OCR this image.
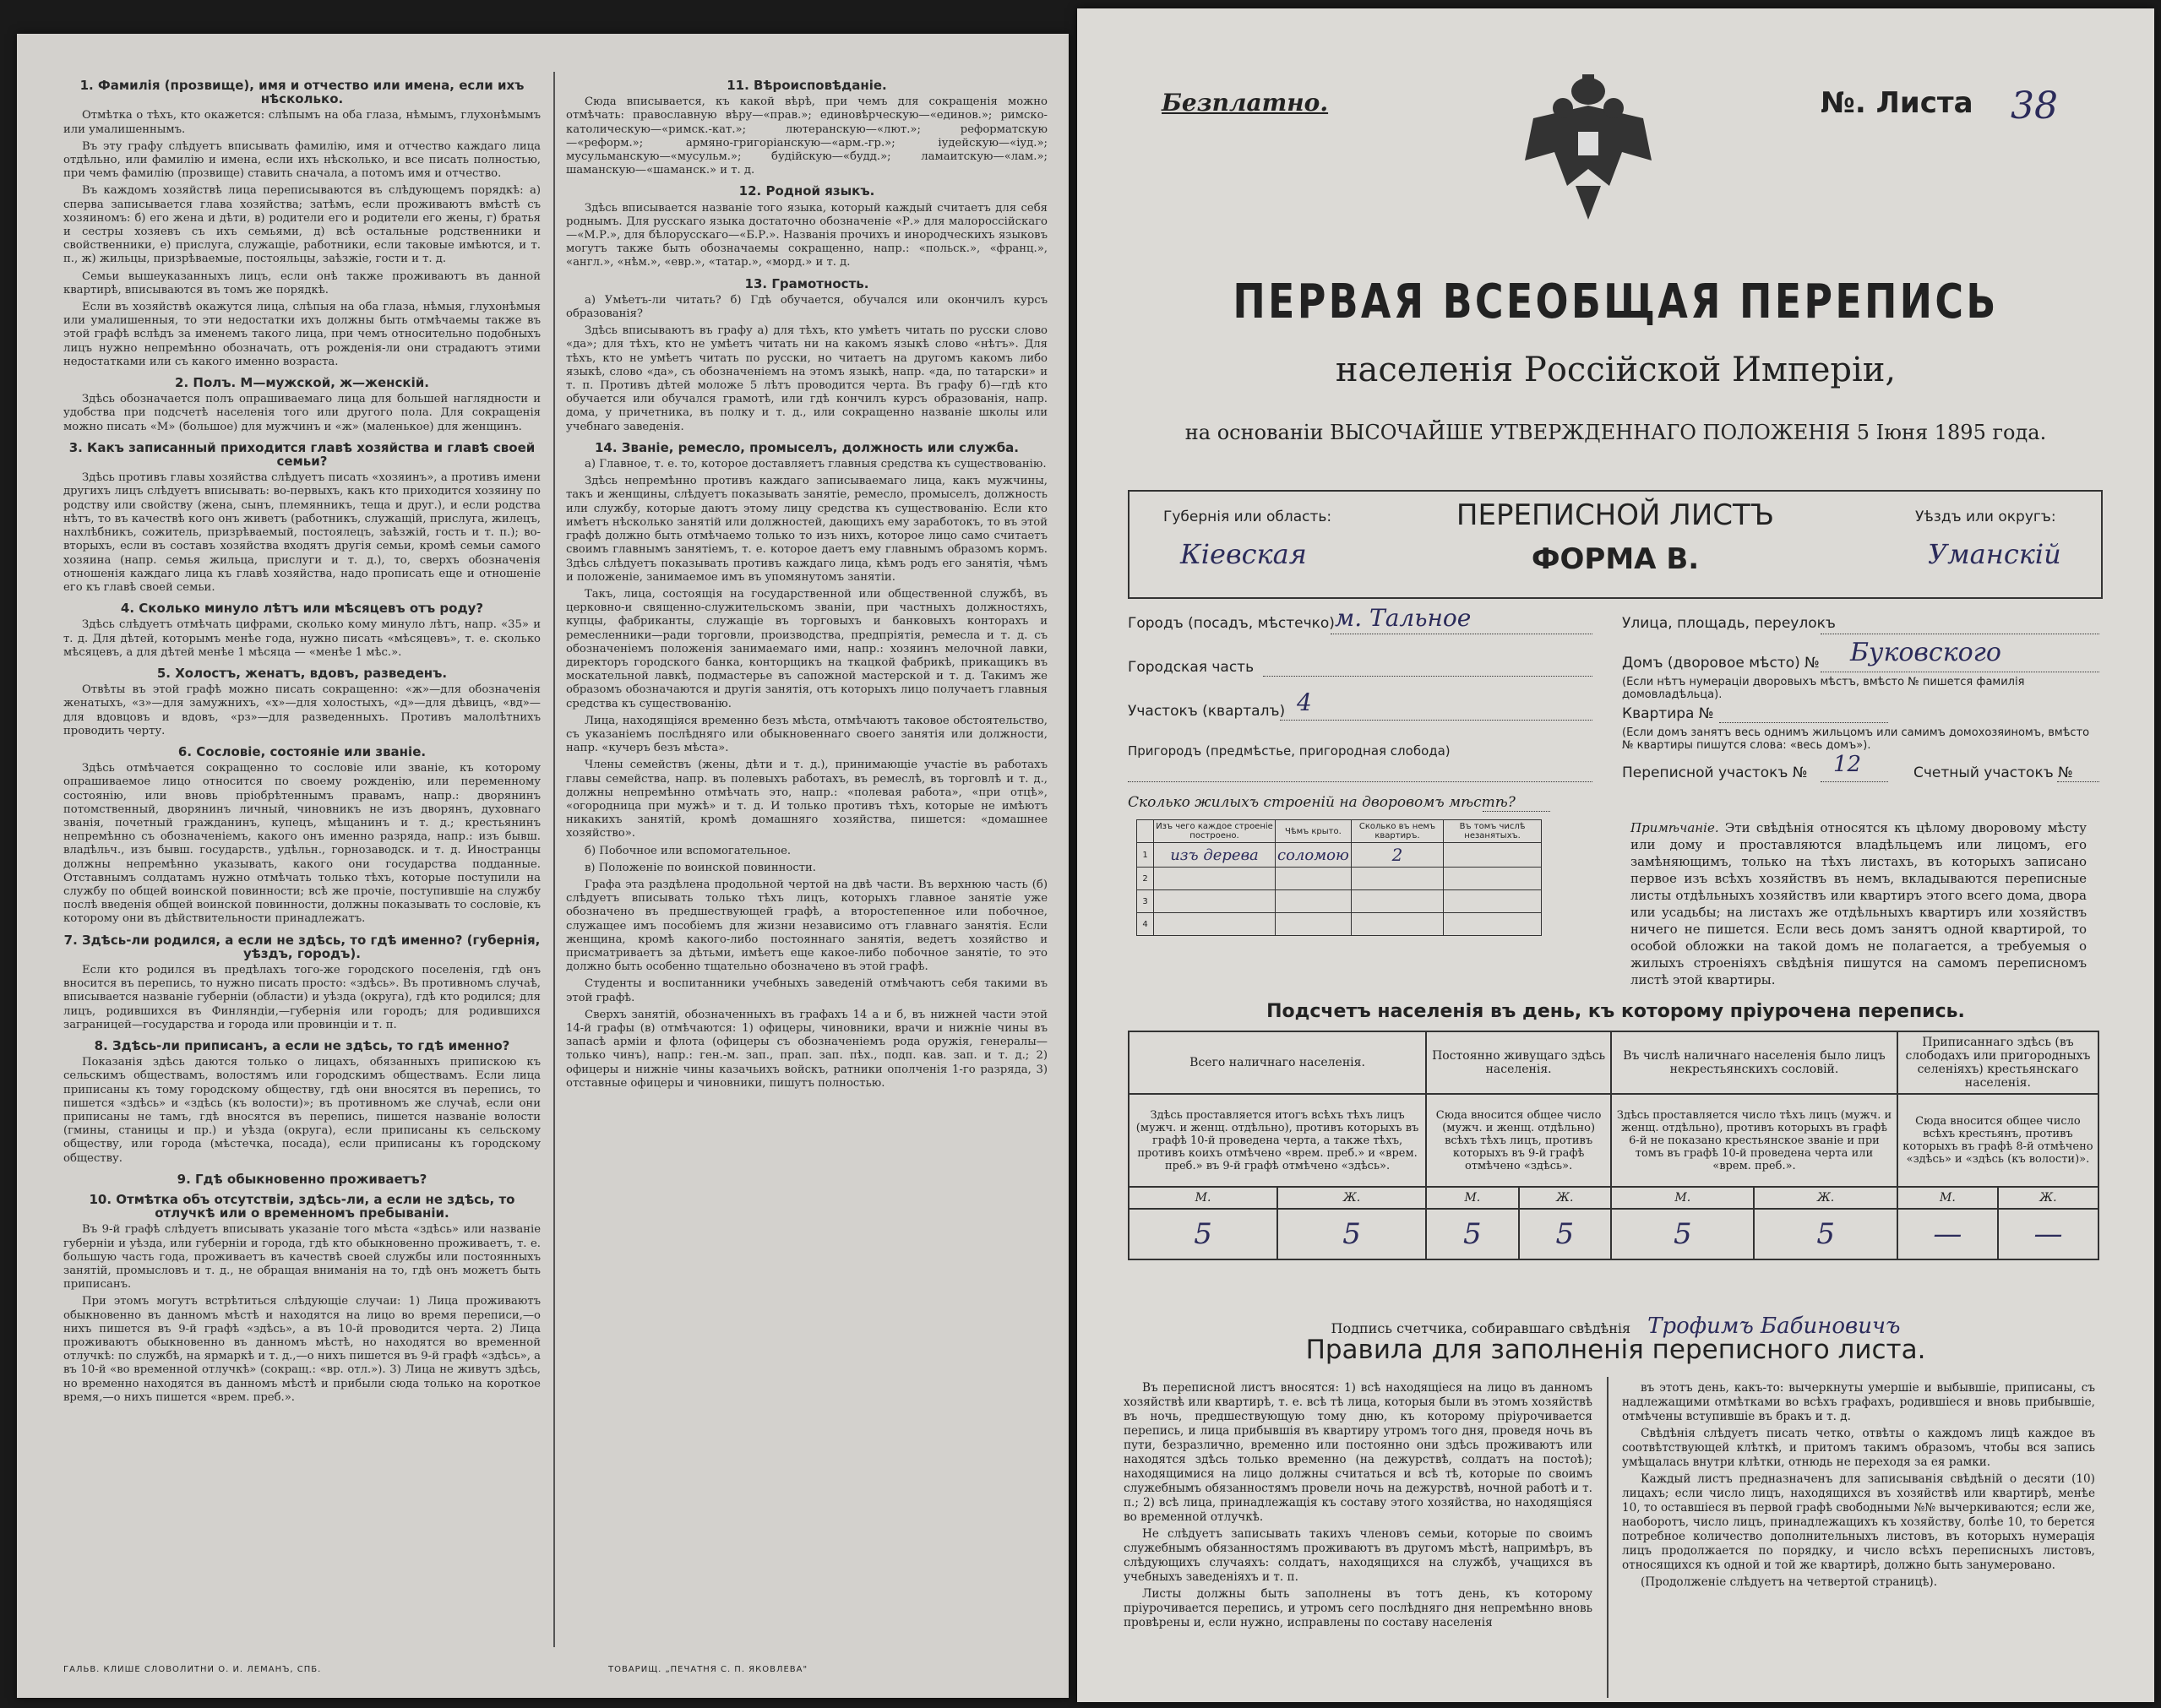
1. Фамилія (прозвище), имя и отчество или имена, если ихъ нѣсколько.

Отмѣтка о тѣхъ, кто окажется: слѣпымъ на оба глаза, нѣмымъ, глухонѣмымъ или умалишеннымъ.

Въ эту графу слѣдуетъ вписывать фамилію, имя и отчество каждаго лица отдѣльно, или фамилію и имена, если ихъ нѣсколько, и все писать полностью, при чемъ фамилію (прозвище) ставить сначала, а потомъ имя и отчество.

Въ каждомъ хозяйствѣ лица переписываются въ слѣдующемъ порядкѣ: а) сперва записывается глава хозяйства; затѣмъ, если проживаютъ вмѣстѣ съ хозяиномъ: б) его жена и дѣти, в) родители его и родители его жены, г) братья и сестры хозяевъ съ ихъ семьями, д) всѣ остальные родственники и свойственники, е) прислуга, служащіе, работники, если таковые имѣются, и т. п., ж) жильцы, призрѣваемые, постояльцы, заѣзжіе, гости и т. д.

Семьи вышеуказанныхъ лицъ, если онѣ также проживаютъ въ данной квартирѣ, вписываются въ томъ же порядкѣ.

Если въ хозяйствѣ окажутся лица, слѣпыя на оба глаза, нѣмыя, глухонѣмыя или умалишенныя, то эти недостатки ихъ должны быть отмѣчаемы также въ этой графѣ вслѣдъ за именемъ такого лица, при чемъ относительно подобныхъ лицъ нужно непремѣнно обозначать, отъ рожденія-ли они страдаютъ этими недостатками или съ какого именно возраста.

2. Полъ. М—мужской, ж—женскій.

Здѣсь обозначается полъ опрашиваемаго лица для большей наглядности и удобства при подсчетѣ населенія того или другого пола. Для сокращенія можно писать «М» (большое) для мужчинъ и «ж» (маленькое) для женщинъ.

3. Какъ записанный приходится главѣ хозяйства и главѣ своей семьи?

Здѣсь противъ главы хозяйства слѣдуетъ писать «хозяинъ», а противъ имени другихъ лицъ слѣдуетъ вписывать: во-первыхъ, какъ кто приходится хозяину по родству или свойству (жена, сынъ, племянникъ, теща и друг.), и если родства нѣтъ, то въ качествѣ кого онъ живетъ (работникъ, служащій, прислуга, жилецъ, нахлѣбникъ, сожитель, призрѣваемый, постоялецъ, заѣзжій, гость и т. п.); во-вторыхъ, если въ составъ хозяйства входятъ другія семьи, кромѣ семьи самого хозяина (напр. семья жильца, прислуги и т. д.), то, сверхъ обозначенія отношенія каждаго лица къ главѣ хозяйства, надо прописать еще и отношеніе его къ главѣ своей семьи.

4. Сколько минуло лѣтъ или мѣсяцевъ отъ роду?

Здѣсь слѣдуетъ отмѣчать цифрами, сколько кому минуло лѣтъ, напр. «35» и т. д. Для дѣтей, которымъ менѣе года, нужно писать «мѣсяцевъ», т. е. сколько мѣсяцевъ, а для дѣтей менѣе 1 мѣсяца — «менѣе 1 мѣс.».

5. Холостъ, женатъ, вдовъ, разведенъ.

Отвѣты въ этой графѣ можно писать сокращенно: «ж»—для обозначенія женатыхъ, «з»—для замужнихъ, «х»—для холостыхъ, «д»—для дѣвицъ, «вд»—для вдовцовъ и вдовъ, «рз»—для разведенныхъ. Противъ малолѣтнихъ проводить черту.

6. Сословіе, состояніе или званіе.

Здѣсь отмѣчается сокращенно то сословіе или званіе, къ которому опрашиваемое лицо относится по своему рожденію, или переменному состоянію, или вновь пріобрѣтеннымъ правамъ, напр.: дворянинъ потомственный, дворянинъ личный, чиновникъ не изъ дворянъ, духовнаго званія, почетный гражданинъ, купецъ, мѣщанинъ и т. д.; крестьянинъ непремѣнно съ обозначеніемъ, какого онъ именно разряда, напр.: изъ бывш. владѣльч., изъ бывш. государств., удѣльн., горнозаводск. и т. д. Иностранцы должны непремѣнно указывать, какого они государства подданные. Отставнымъ солдатамъ нужно отмѣчать только тѣхъ, которые поступили на службу по общей воинской повинности; всѣ же прочіе, поступившіе на службу послѣ введенія общей воинской повинности, должны показывать то сословіе, къ которому они въ дѣйствительности принадлежатъ.

7. Здѣсь-ли родился, а если не здѣсь, то гдѣ именно? (губернія, уѣздъ, городъ).

Если кто родился въ предѣлахъ того-же городского поселенія, гдѣ онъ вносится въ перепись, то нужно писать просто: «здѣсь». Въ противномъ случаѣ, вписывается названіе губерніи (области) и уѣзда (округа), гдѣ кто родился; для лицъ, родившихся въ Финляндіи,—губернія или городъ; для родившихся заграницей—государства и города или провинціи и т. п.

8. Здѣсь-ли приписанъ, а если не здѣсь, то гдѣ именно?

Показанія здѣсь даются только о лицахъ, обязанныхъ припискою къ сельскимъ обществамъ, волостямъ или городскимъ обществамъ. Если лица приписаны къ тому городскому обществу, гдѣ они вносятся въ перепись, то пишется «здѣсь» и «здѣсь (къ волости)»; въ противномъ же случаѣ, если они приписаны не тамъ, гдѣ вносятся въ перепись, пишется названіе волости (гмины, станицы и пр.) и уѣзда (округа), если приписаны къ сельскому обществу, или города (мѣстечка, посада), если приписаны къ городскому обществу.

9. Гдѣ обыкновенно проживаетъ?
10. Отмѣтка объ отсутствіи, здѣсь-ли, а если не здѣсь, то отлучкѣ или о временномъ пребываніи.

Въ 9-й графѣ слѣдуетъ вписывать указаніе того мѣста «здѣсь» или названіе губерніи и уѣзда, или губерніи и города, гдѣ кто обыкновенно проживаетъ, т. е. большую часть года, проживаетъ въ качествѣ своей службы или постоянныхъ занятій, промысловъ и т. д., не обращая вниманія на то, гдѣ онъ можетъ быть приписанъ.

При этомъ могутъ встрѣтиться слѣдующіе случаи: 1) Лица проживаютъ обыкновенно въ данномъ мѣстѣ и находятся на лицо во время переписи,—о нихъ пишется въ 9-й графѣ «здѣсь», а въ 10-й проводится черта. 2) Лица проживаютъ обыкновенно въ данномъ мѣстѣ, но находятся во временной отлучкѣ: по службѣ, на ярмаркѣ и т. д.,—о нихъ пишется въ 9-й графѣ «здѣсь», а въ 10-й «во временной отлучкѣ» (сокращ.: «вр. отл.»). 3) Лица не живутъ здѣсь, но временно находятся въ данномъ мѣстѣ и прибыли сюда только на короткое время,—о нихъ пишется «врем. преб.».

11. Вѣроисповѣданіе.

Сюда вписывается, къ какой вѣрѣ, при чемъ для сокращенія можно отмѣчать: православную вѣру—«прав.»; единовѣрческую—«единов.»; римско-католическую—«римск.-кат.»; лютеранскую—«лют.»; реформатскую—«реформ.»; армяно-григоріанскую—«арм.-гр.»; іудейскую—«іуд.»; мусульманскую—«мусульм.»; будійскую—«будд.»; ламаитскую—«лам.»; шаманскую—«шаманск.» и т. д.

12. Родной языкъ.

Здѣсь вписывается названіе того языка, который каждый считаетъ для себя роднымъ. Для русскаго языка достаточно обозначеніе «Р.» для малороссійскаго—«М.Р.», для бѣлорусскаго—«Б.Р.». Названія прочихъ и инородческихъ языковъ могутъ также быть обозначаемы сокращенно, напр.: «польск.», «франц.», «англ.», «нѣм.», «евр.», «татар.», «морд.» и т. д.

13. Грамотность.

а) Умѣетъ-ли читать? б) Гдѣ обучается, обучался или окончилъ курсъ образованія?

Здѣсь вписываютъ въ графу а) для тѣхъ, кто умѣетъ читать по русски слово «да»; для тѣхъ, кто не умѣетъ читать ни на какомъ языкѣ слово «нѣтъ». Для тѣхъ, кто не умѣетъ читать по русски, но читаетъ на другомъ какомъ либо языкѣ, слово «да», съ обозначеніемъ на этомъ языкѣ, напр. «да, по татарски» и т. п. Противъ дѣтей моложе 5 лѣтъ проводится черта. Въ графу б)—гдѣ кто обучается или обучался грамотѣ, или гдѣ кончилъ курсъ образованія, напр. дома, у причетника, въ полку и т. д., или сокращенно названіе школы или учебнаго заведенія.

14. Званіе, ремесло, промыселъ, должность или служба.

а) Главное, т. е. то, которое доставляетъ главныя средства къ существованію.

Здѣсь непремѣнно противъ каждаго записываемаго лица, какъ мужчины, такъ и женщины, слѣдуетъ показывать занятіе, ремесло, промыселъ, должность или службу, которые даютъ этому лицу средства къ существованію. Если кто имѣетъ нѣсколько занятій или должностей, дающихъ ему заработокъ, то въ этой графѣ должно быть отмѣчаемо только то изъ нихъ, которое лицо само считаетъ своимъ главнымъ занятіемъ, т. е. которое даетъ ему главнымъ образомъ кормъ. Здѣсь слѣдуетъ показывать противъ каждаго лица, кѣмъ родъ его занятія, чѣмъ и положеніе, занимаемое имъ въ упомянутомъ занятіи.

Такъ, лица, состоящія на государственной или общественной службѣ, въ церковно-и священно-служительскомъ званіи, при частныхъ должностяхъ, купцы, фабриканты, служащіе въ торговыхъ и банковыхъ конторахъ и ремесленники—ради торговли, производства, предпріятія, ремесла и т. д. съ обозначеніемъ положенія занимаемаго ими, напр.: хозяинъ мелочной лавки, директоръ городского банка, конторщикъ на ткацкой фабрикѣ, прикащикъ въ москательной лавкѣ, подмастерье въ сапожной мастерской и т. д. Такимъ же образомъ обозначаются и другія занятія, отъ которыхъ лицо получаетъ главныя средства къ существованію.

Лица, находящіяся временно безъ мѣста, отмѣчаютъ таковое обстоятельство, съ указаніемъ послѣдняго или обыкновеннаго своего занятія или должности, напр. «кучеръ безъ мѣста».

Члены семействъ (жены, дѣти и т. д.), принимающіе участіе въ работахъ главы семейства, напр. въ полевыхъ работахъ, въ ремеслѣ, въ торговлѣ и т. д., должны непремѣнно отмѣчать это, напр.: «полевая работа», «при отцѣ», «огородница при мужѣ» и т. д. И только противъ тѣхъ, которые не имѣютъ никакихъ занятій, кромѣ домашняго хозяйства, пишется: «домашнее хозяйство».

б) Побочное или вспомогательное.

в) Положеніе по воинской повинности.

Графа эта раздѣлена продольной чертой на двѣ части. Въ верхнюю часть (б) слѣдуетъ вписывать только тѣхъ лицъ, которыхъ главное занятіе уже обозначено въ предшествующей графѣ, а второстепенное или побочное, служащее имъ пособіемъ для жизни независимо отъ главнаго занятія. Если женщина, кромѣ какого-либо постояннаго занятія, ведетъ хозяйство и присматриваетъ за дѣтьми, имѣетъ еще какое-либо побочное занятіе, то это должно быть особенно тщательно обозначено въ этой графѣ.

Студенты и воспитанники учебныхъ заведеній отмѣчаютъ себя такими въ этой графѣ.

Сверхъ занятій, обозначенныхъ въ графахъ 14 а и б, въ нижней части этой 14-й графы (в) отмѣчаются: 1) офицеры, чиновники, врачи и нижніе чины въ запасѣ арміи и флота (офицеры съ обозначеніемъ рода оружія, генералы—только чинъ), напр.: ген.-м. зап., прап. зап. пѣх., подп. кав. зап. и т. д.; 2) офицеры и нижніе чины казачьихъ войскъ, ратники ополченія 1-го разряда, 3) отставные офицеры и чиновники, пишутъ полностью.

ГАЛЬВ. КЛИШЕ СЛОВОЛИТНИ О. И. ЛЕМАНЪ, СПБ.	ТОВАРИЩ. „ПЕЧАТНЯ С. П. ЯКОВЛЕВА"
Безплатно.	№. Листа 38
ПЕРВАЯ ВСЕОБЩАЯ ПЕРЕПИСЬ
населенія Россійской Имперіи,
на основаніи ВЫСОЧАЙШЕ УТВЕРЖДЕННАГО ПОЛОЖЕНІЯ 5 Іюня 1895 года.
ПЕРЕПИСНОЙ ЛИСТЪ
ФОРМА В.
Губернія или область:
Кіевская
Уѣздъ или округъ:
Уманскій
Городъ (посадъ, мѣстечко) м. Тальное
Городская часть
Участокъ (кварталъ) 4
Пригородъ (предмѣстье, пригородная слобода)
Улица, площадь, переулокъ
Домъ (дворовое мѣсто) № Буковского
(Если нѣтъ нумераціи дворовыхъ мѣстъ, вмѣсто № пишется фамилія домовладѣльца).
Квартира №
(Если домъ занятъ весь однимъ жильцомъ или самимъ домохозяиномъ, вмѣсто № квартиры пишутся слова: «весь домъ»).
Переписной участокъ № 12	Счетный участокъ №
Сколько жилыхъ строеній на дворовомъ мѣстѣ?
	Изъ чего каждое строеніе построено.	Чѣмъ крыто.	Сколько въ немъ квартиръ.	Въ томъ числѣ незанятыхъ.
1	изъ дерева	соломою	2	
2				
3				
4				
Примѣчаніе. Эти свѣдѣнія относятся къ цѣлому дворовому мѣсту или дому и проставляются владѣльцемъ или лицомъ, его замѣняющимъ, только на тѣхъ листахъ, въ которыхъ записано первое изъ всѣхъ хозяйствъ въ немъ, вкладываются переписные листы отдѣльныхъ хозяйствъ или квартиръ этого всего дома, двора или усадьбы; на листахъ же отдѣльныхъ квартиръ или хозяйствъ ничего не пишется. Если весь домъ занятъ одной квартирой, то особой обложки на такой домъ не полагается, а требуемыя о жилыхъ строеніяхъ свѣдѣнія пишутся на самомъ переписномъ листѣ этой квартиры.
Подсчетъ населенія въ день, къ которому пріурочена перепись.
Всего наличнаго населенія.		Постоянно живущаго здѣсь населенія.		Въ числѣ наличнаго населенія было лицъ некрестьянскихъ сословій.		Приписаннаго здѣсь (въ слободахъ или пригородныхъ селеніяхъ) крестьянскаго населенія.	
Здѣсь проставляется итогъ всѣхъ тѣхъ лицъ (мужч. и женщ. отдѣльно), противъ которыхъ въ графѣ 10-й проведена черта, а также тѣхъ, противъ коихъ отмѣчено «врем. преб.» и «врем. преб.» въ 9-й графѣ отмѣчено «здѣсь».		Сюда вносится общее число (мужч. и женщ. отдѣльно) всѣхъ тѣхъ лицъ, противъ которыхъ въ 9-й графѣ отмѣчено «здѣсь».		Здѣсь проставляется число тѣхъ лицъ (мужч. и женщ. отдѣльно), противъ которыхъ въ графѣ 6-й не показано крестьянское званіе и при томъ въ графѣ 10-й проведена черта или «врем. преб.».		Сюда вносится общее число всѣхъ крестьянъ, противъ которыхъ въ графѣ 8-й отмѣчено «здѣсь» и «здѣсь (къ волости)».	
М.	Ж.	М.	Ж.	М.	Ж.	М.	Ж.
5	5	5	5	5	5	—	—
Подпись счетчика, собиравшаго свѣдѣнія Трофимъ Бабиновичъ
Правила для заполненія переписного листа.

Въ переписной листъ вносятся: 1) всѣ находящіеся на лицо въ данномъ хозяйствѣ или квартирѣ, т. е. всѣ тѣ лица, которыя были въ этомъ хозяйствѣ въ ночь, предшествующую тому дню, къ которому пріурочивается перепись, и лица прибывшія въ квартиру утромъ того дня, проведя ночь въ пути, безразлично, временно или постоянно они здѣсь проживаютъ или находятся здѣсь только временно (на дежурствѣ, солдатъ на постоѣ); находящимися на лицо должны считаться и всѣ тѣ, которые по своимъ служебнымъ обязанностямъ провели ночь на дежурствѣ, ночной работѣ и т. п.; 2) всѣ лица, принадлежащія къ составу этого хозяйства, но находящіяся во временной отлучкѣ.

Не слѣдуетъ записывать такихъ членовъ семьи, которые по своимъ служебнымъ обязанностямъ проживаютъ въ другомъ мѣстѣ, напримѣръ, въ слѣдующихъ случаяхъ: солдатъ, находящихся на службѣ, учащихся въ учебныхъ заведеніяхъ и т. п.

Листы должны быть заполнены въ тотъ день, къ которому пріурочивается перепись, и утромъ сего послѣдняго дня непремѣнно вновь провѣрены и, если нужно, исправлены по составу населенія

въ этотъ день, какъ-то: вычеркнуты умершіе и выбывшіе, приписаны, съ надлежащими отмѣтками во всѣхъ графахъ, родившіеся и вновь прибывшіе, отмѣчены вступившіе въ бракъ и т. д.

Свѣдѣнія слѣдуетъ писать четко, отвѣты о каждомъ лицѣ каждое въ соотвѣтствующей клѣткѣ, и притомъ такимъ образомъ, чтобы вся запись умѣщалась внутри клѣтки, отнюдь не переходя за ея рамки.

Каждый листъ предназначенъ для записыванія свѣдѣній о десяти (10) лицахъ; если число лицъ, находящихся въ хозяйствѣ или квартирѣ, менѣе 10, то оставшіеся въ первой графѣ свободными №№ вычеркиваются; если же, наоборотъ, число лицъ, принадлежащихъ къ хозяйству, болѣе 10, то берется потребное количество дополнительныхъ листовъ, въ которыхъ нумерація лицъ продолжается по порядку, и число всѣхъ переписныхъ листовъ, относящихся къ одной и той же квартирѣ, должно быть занумеровано.

(Продолженіе слѣдуетъ на четвертой страницѣ).
